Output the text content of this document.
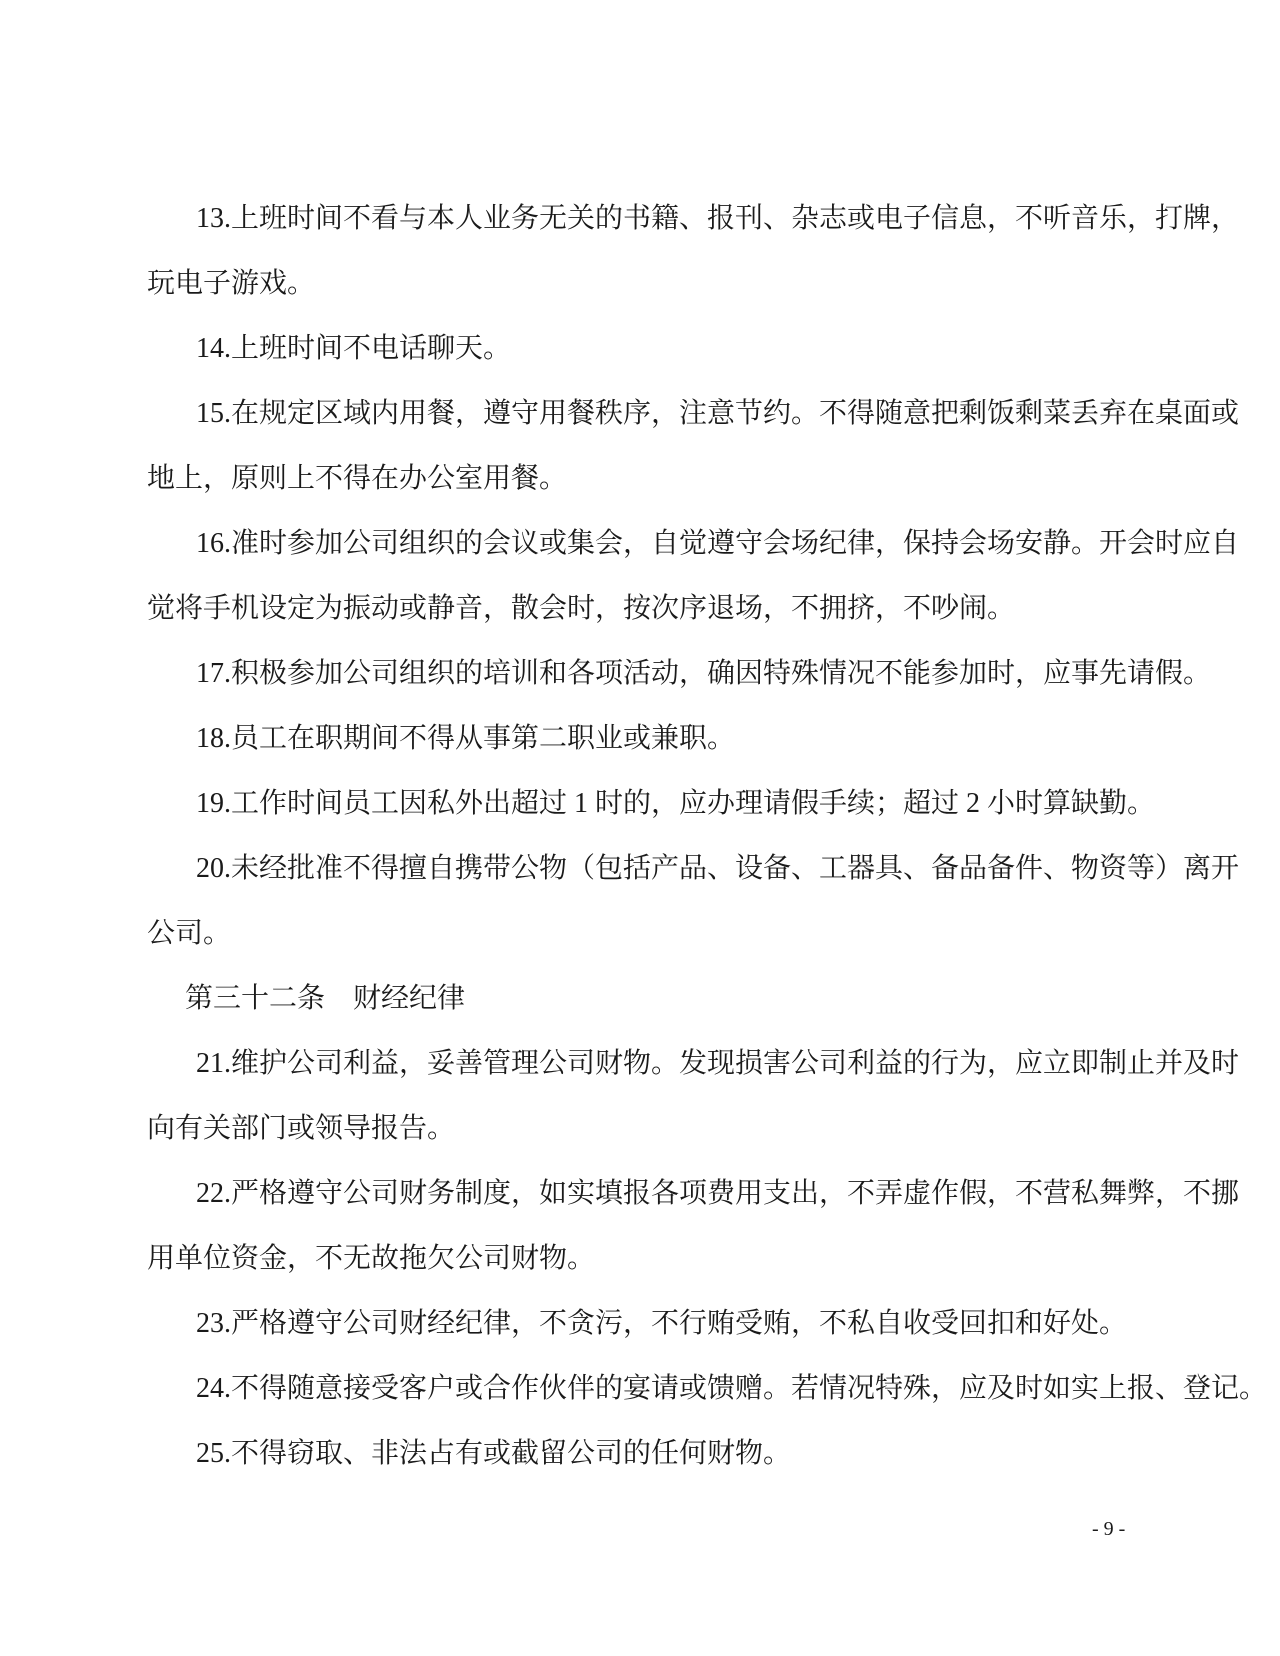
13.上班时间不看与本人业务无关的书籍、报刊、杂志或电子信息，不听音乐，打牌，
玩电子游戏。
14.上班时间不电话聊天。
15.在规定区域内用餐，遵守用餐秩序，注意节约。不得随意把剩饭剩菜丢弃在桌面或
地上，原则上不得在办公室用餐。
16.准时参加公司组织的会议或集会，自觉遵守会场纪律，保持会场安静。开会时应自
觉将手机设定为振动或静音，散会时，按次序退场，不拥挤，不吵闹。
17.积极参加公司组织的培训和各项活动，确因特殊情况不能参加时，应事先请假。
18.员工在职期间不得从事第二职业或兼职。
19.工作时间员工因私外出超过 1 时的，应办理请假手续；超过 2 小时算缺勤。
20.未经批准不得擅自携带公物（包括产品、设备、工器具、备品备件、物资等）离开
公司。
第三十二条　财经纪律
21.维护公司利益，妥善管理公司财物。发现损害公司利益的行为，应立即制止并及时
向有关部门或领导报告。
22.严格遵守公司财务制度，如实填报各项费用支出，不弄虚作假，不营私舞弊，不挪
用单位资金，不无故拖欠公司财物。
23.严格遵守公司财经纪律，不贪污，不行贿受贿，不私自收受回扣和好处。
24.不得随意接受客户或合作伙伴的宴请或馈赠。若情况特殊，应及时如实上报、登记。
25.不得窃取、非法占有或截留公司的任何财物。
- 9 -
